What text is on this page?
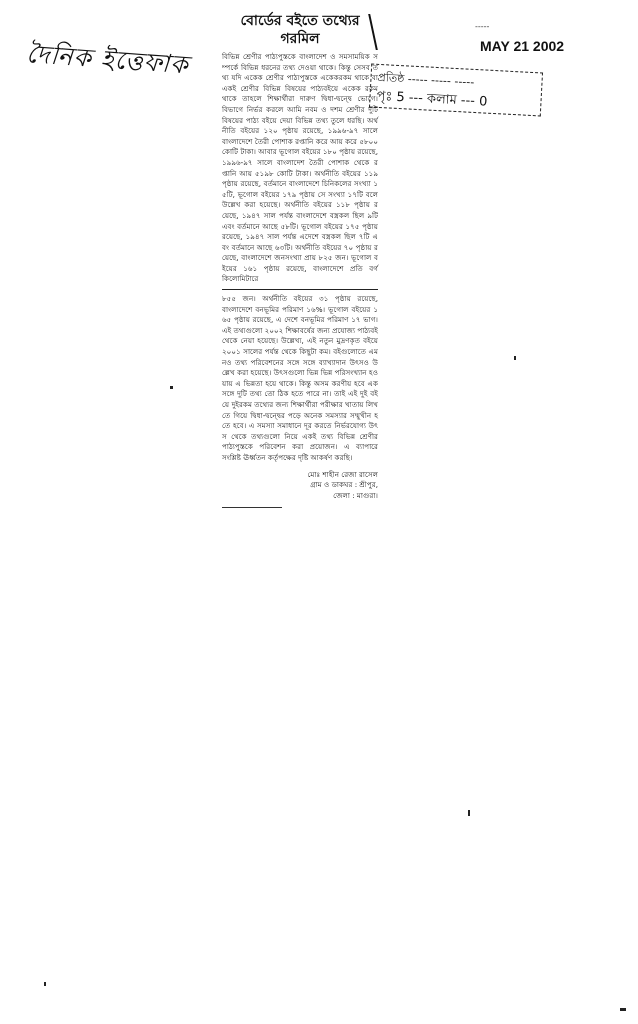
-----
দৈনিক ইত্তেফাক	MAY 21 2002
প্রতিষ্ঠ ----- ----- -----
পৃঃ 5 --- কলাম --- 0
বোর্ডের বইতে তথ্যের
গরমিল
বিভিন্ন শ্রেণীর পাঠ্যপুস্তকে বাংলাদেশ ও সমসাময়িক সম্পর্কে বিভিন্ন ধরনের তথ্য দেওয়া থাকে। কিন্তু সেসব তথ্য যদি একেক শ্রেণীর পাঠ্যপুস্তকে একেকরকম থাকে বা একই শ্রেণীর বিভিন্ন বিষয়ের পাঠ্যবইয়ে একেক রকম থাকে তাহলে শিক্ষার্থীরা দারুণ দ্বিধা-দ্বন্দ্বে ভোগে। বিভাগে নির্ভর করলে আমি নবম ও দশম শ্রেণীর দুটি বিষয়ের পাঠ্য বইয়ে দেয়া বিভিন্ন তথ্য তুলে ধরছি। অর্থনীতি বইয়ের ১২০ পৃষ্ঠায় রয়েছে, ১৯৯৬-৯৭ সালে বাংলাদেশে তৈরী পোশাক রপ্তানি করে আয় করে ৫৮০০ কোটি টাকা। আবার ভূগোল বইয়ের ১৮০ পৃষ্ঠায় রয়েছে, ১৯৯৬-৯৭ সালে বাংলাদেশ তৈরী পোশাক থেকে রপ্তানি আয় ৫১৯৮ কোটি টাকা। অর্থনীতি বইয়ের ১১৯ পৃষ্ঠায় রয়েছে, বর্তমানে বাংলাদেশে চিনিকলের সংখ্যা ১৫টি, ভূগোল বইয়ের ১৭৯ পৃষ্ঠায় সে সংখ্যা ১৭টি বলে উল্লেখ করা হয়েছে। অর্থনীতি বইয়ের ১১৮ পৃষ্ঠায় রয়েছে, ১৯৪৭ সাল পর্যন্ত বাংলাদেশে বস্ত্রকল ছিল ৯টি এবং বর্তমানে আছে ৫৮টি। ভূগোল বইয়ের ১৭৫ পৃষ্ঠায় রয়েছে, ১৯৪৭ সাল পর্যন্ত এদেশে বস্ত্রকল ছিল ৭টি এবং বর্তমানে আছে ৬৩টি। অর্থনীতি বইয়ের ৭০ পৃষ্ঠায় রয়েছে, বাংলাদেশে জনসংখ্যা প্রায় ৮২৫ জন। ভূগোল বইয়ের ১৬১ পৃষ্ঠায় রয়েছে, বাংলাদেশে প্রতি বর্গ কিলোমিটারে
৮৫৫ জন। অর্থনীতি বইয়ের ৩১ পৃষ্ঠায় রয়েছে, বাংলাদেশে বনভূমির পরিমাণ ১৬%। ভূগোল বইয়ের ১৬৫ পৃষ্ঠায় রয়েছে, এ দেশে বনভূমির পরিমাণ ১৭ ভাগ। এই তথ্যগুলো ২০০২ শিক্ষাবর্ষের জন্য প্রযোজ্য পাঠ্যবই থেকে নেয়া হয়েছে। উল্লেখ্য, এই নতুন মুদ্রণকৃত বইয়ে ২০০১ সালের পর্যন্ত থেকে কিছুটা কম। বইগুলোতে এমনও তথ্য পরিবেশনের সঙ্গে সঙ্গে ব্যাখ্যাদান উৎসও উল্লেখ করা হয়েছে। উৎসগুলো ভিন্ন ভিন্ন পরিসংখ্যান হওয়ায় এ ভিন্নতা হয়ে থাকে। কিন্তু অসম করণীয় হবে একসঙ্গে দুটি তথ্য তো ঠিক হতে পারে না। তাই এই দুই বইয়ে দুইরকম তথ্যের জন্য শিক্ষার্থীরা পরীক্ষার খাতায় লিখতে গিয়ে দ্বিধা-দ্বন্দ্বের পড়ে অনেক সমস্যার সম্মুখীন হতে হবে। এ সমস্যা সমাধানে দূর করতে নির্ভরযোগ্য উৎস থেকে তথ্যগুলো নিয়ে একই তথ্য বিভিন্ন শ্রেণীর পাঠ্যপুস্তকে পরিবেশন করা প্রয়োজন। এ ব্যাপারে সংশ্লিষ্ট ঊর্ধ্বতন কর্তৃপক্ষের দৃষ্টি আকর্ষণ করছি।
মোঃ শাহীন রেজা রাসেল
গ্রাম ও ডাকঘর : শ্রীপুর,
জেলা : মাগুরা।
